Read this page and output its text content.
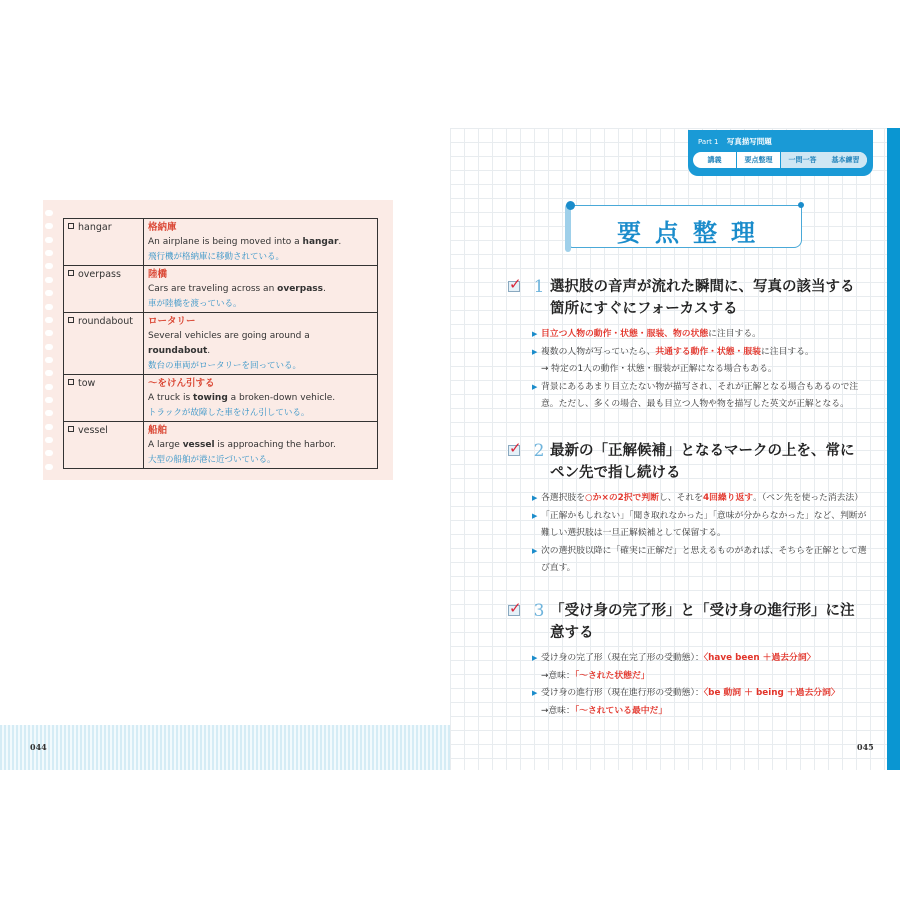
hangar	格納庫
An airplane is being moved into a hangar.
飛行機が格納庫に移動されている。

overpass	陸橋
Cars are traveling across an overpass.
車が陸橋を渡っている。

roundabout	ロータリー
Several vehicles are going around a roundabout.
数台の車両がロータリーを回っている。

tow	〜をけん引する
A truck is towing a broken-down vehicle.
トラックが故障した車をけん引している。

vessel	船舶
A large vessel is approaching the harbor.
大型の船舶が港に近づいている。
044
Part 1 写真描写問題
講義	要点整理	一問一答	基本練習
要点整理
✓ 1 選択肢の音声が流れた瞬間に、写真の該当する箇所にすぐにフォーカスする
▶ 目立つ人物の動作・状態・服装、物の状態に注目する。
▶ 複数の人物が写っていたら、共通する動作・状態・服装に注目する。
→ 特定の1人の動作・状態・服装が正解になる場合もある。
▶ 背景にあるあまり目立たない物が描写され、それが正解となる場合もあるので注意。ただし、多くの場合、最も目立つ人物や物を描写した英文が正解となる。
✓ 2 最新の「正解候補」となるマークの上を、常にペン先で指し続ける
▶ 各選択肢を○か×の2択で判断し、それを4回繰り返す。（ペン先を使った消去法）
▶ 「正解かもしれない」「聞き取れなかった」「意味が分からなかった」など、判断が難しい選択肢は一旦正解候補として保留する。
▶ 次の選択肢以降に「確実に正解だ」と思えるものがあれば、そちらを正解として選び直す。
✓ 3 「受け身の完了形」と「受け身の進行形」に注意する
▶ 受け身の完了形（現在完了形の受動態）：〈have been ＋過去分詞〉
→意味：「〜された状態だ」
▶ 受け身の進行形（現在進行形の受動態）：〈be 動詞 ＋ being ＋過去分詞〉
→意味：「〜されている最中だ」
045
